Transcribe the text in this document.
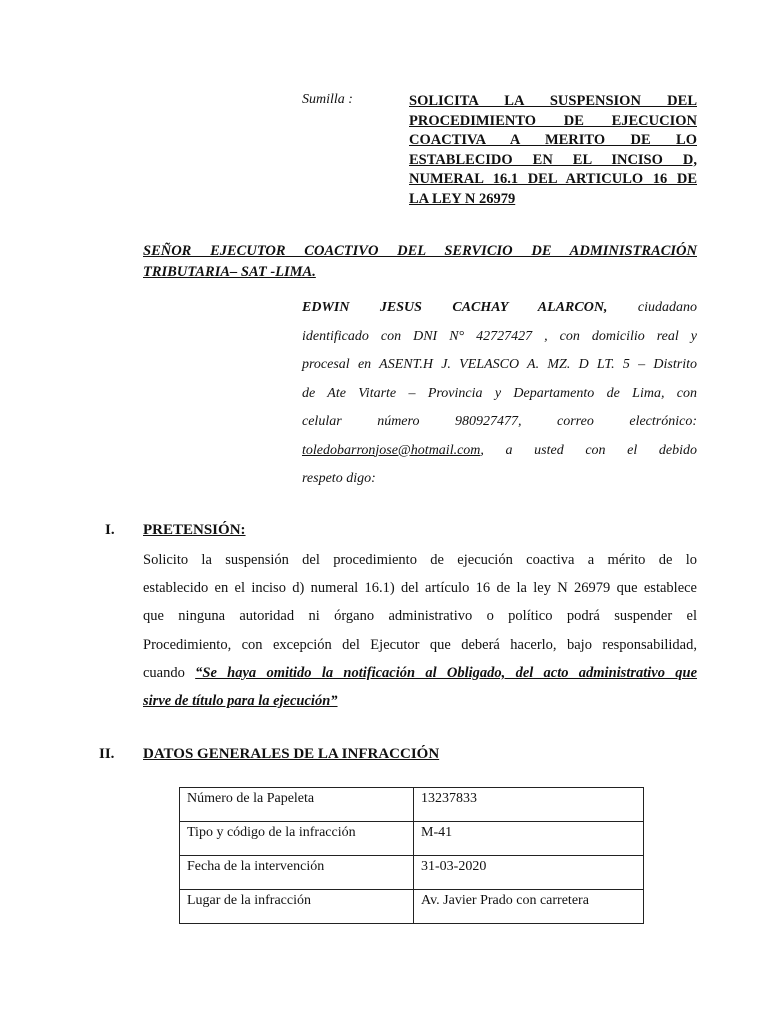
Sumilla :	SOLICITA LA SUSPENSION DEL
PROCEDIMIENTO DE EJECUCION
COACTIVA A MERITO DE LO
ESTABLECIDO EN EL INCISO D,
NUMERAL 16.1 DEL ARTICULO 16 DE
LA LEY N 26979
SEÑOR EJECUTOR COACTIVO DEL SERVICIO DE ADMINISTRACIÓN
TRIBUTARIA– SAT -LIMA.
EDWIN JESUS CACHAY ALARCON, ciudadano
identificado con DNI N° 42727427 , con domicilio real y
procesal en ASENT.H J. VELASCO A. MZ. D LT. 5 – Distrito
de Ate Vitarte – Provincia y Departamento de Lima, con
celular número 980927477, correo electrónico:
toledobarronjose@hotmail.com, a usted con el debido
respeto digo:
I. PRETENSIÓN:
Solicito la suspensión del procedimiento de ejecución coactiva a mérito de lo
establecido en el inciso d) numeral 16.1) del artículo 16 de la ley N 26979 que establece
que ninguna autoridad ni órgano administrativo o político podrá suspender el
Procedimiento, con excepción del Ejecutor que deberá hacerlo, bajo responsabilidad,
cuando “Se haya omitido la notificación al Obligado, del acto administrativo que
sirve de título para la ejecución”
II. DATOS GENERALES DE LA INFRACCIÓN
Número de la Papeleta	13237833
Tipo y código de la infracción	M-41
Fecha de la intervención	31-03-2020
Lugar de la infracción	Av. Javier Prado con carretera
